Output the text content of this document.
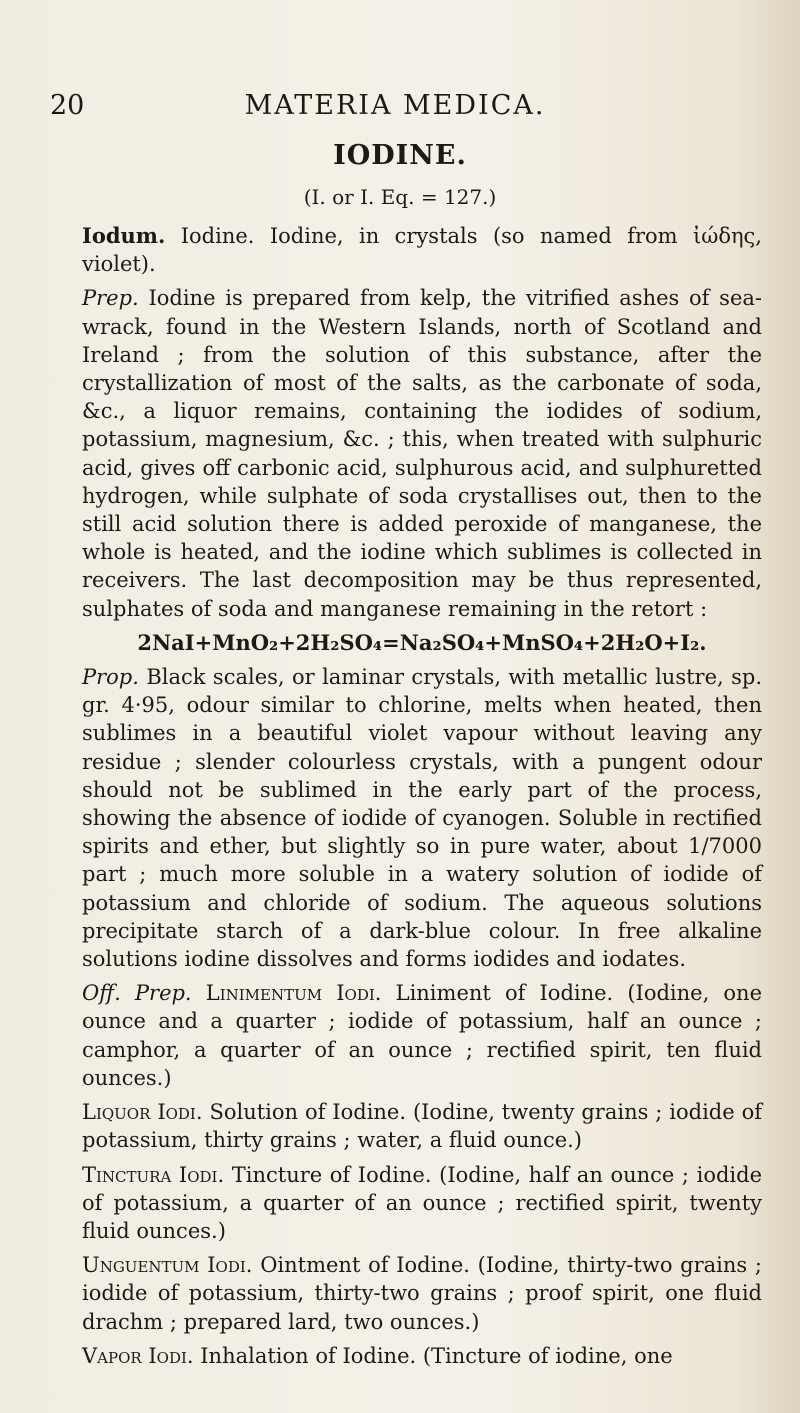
20	MATERIA MEDICA.
IODINE.
(I. or I. Eq. = 127.)

Iodum. Iodine. Iodine, in crystals (so named from ἰώδης, violet).

Prep. Iodine is prepared from kelp, the vitrified ashes of sea-wrack, found in the Western Islands, north of Scotland and Ireland ; from the solution of this substance, after the crystallization of most of the salts, as the carbonate of soda, &c., a liquor remains, containing the iodides of sodium, potassium, magnesium, &c. ; this, when treated with sulphuric acid, gives off carbonic acid, sulphurous acid, and sulphuretted hydrogen, while sulphate of soda crystallises out, then to the still acid solution there is added peroxide of manganese, the whole is heated, and the iodine which sublimes is collected in receivers. The last decomposition may be thus represented, sulphates of soda and manganese remaining in the retort :

2NaI+MnO₂+2H₂SO₄=Na₂SO₄+MnSO₄+2H₂O+I₂.

Prop. Black scales, or laminar crystals, with metallic lustre, sp. gr. 4·95, odour similar to chlorine, melts when heated, then sublimes in a beautiful violet vapour without leaving any residue ; slender colourless crystals, with a pungent odour should not be sublimed in the early part of the process, showing the absence of iodide of cyanogen. Soluble in rectified spirits and ether, but slightly so in pure water, about 1/7000 part ; much more soluble in a watery solution of iodide of potassium and chloride of sodium. The aqueous solutions precipitate starch of a dark-blue colour. In free alkaline solutions iodine dissolves and forms iodides and iodates.

Off. Prep. Linimentum Iodi. Liniment of Iodine. (Iodine, one ounce and a quarter ; iodide of potassium, half an ounce ; camphor, a quarter of an ounce ; rectified spirit, ten fluid ounces.)

Liquor Iodi. Solution of Iodine. (Iodine, twenty grains ; iodide of potassium, thirty grains ; water, a fluid ounce.)

Tinctura Iodi. Tincture of Iodine. (Iodine, half an ounce ; iodide of potassium, a quarter of an ounce ; rectified spirit, twenty fluid ounces.)

Unguentum Iodi. Ointment of Iodine. (Iodine, thirty-two grains ; iodide of potassium, thirty-two grains ; proof spirit, one fluid drachm ; prepared lard, two ounces.)

Vapor Iodi. Inhalation of Iodine. (Tincture of iodine, one
